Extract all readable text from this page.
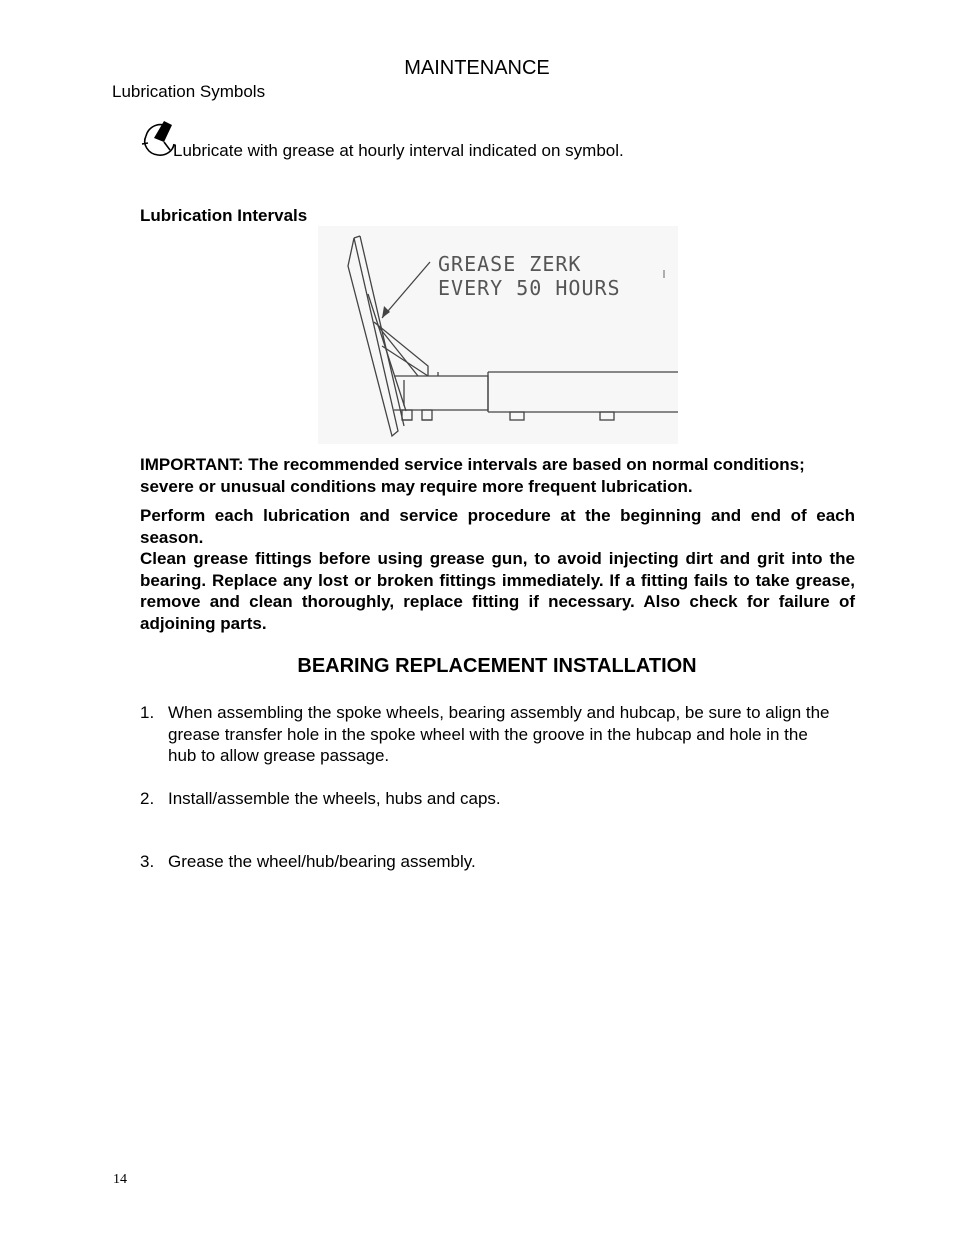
MAINTENANCE
Lubrication Symbols
Lubricate with grease at hourly interval indicated on symbol.
Lubrication Intervals
GREASE ZERK
EVERY 50 HOURS
IMPORTANT: The recommended service intervals are based on normal conditions; severe or unusual conditions may require more frequent lubrication.
Perform each lubrication and service procedure at the beginning and end of each season.
Clean grease fittings before using grease gun, to avoid injecting dirt and grit into the bearing. Replace any lost or broken fittings immediately. If a fitting fails to take grease, remove and clean thoroughly, replace fitting if necessary. Also check for failure of adjoining parts.
BEARING REPLACEMENT INSTALLATION
1. When assembling the spoke wheels, bearing assembly and hubcap, be sure to align the grease transfer hole in the spoke wheel with the groove in the hubcap and hole in the hub to allow grease passage.
2. Install/assemble the wheels, hubs and caps.
3. Grease the wheel/hub/bearing assembly.
14
